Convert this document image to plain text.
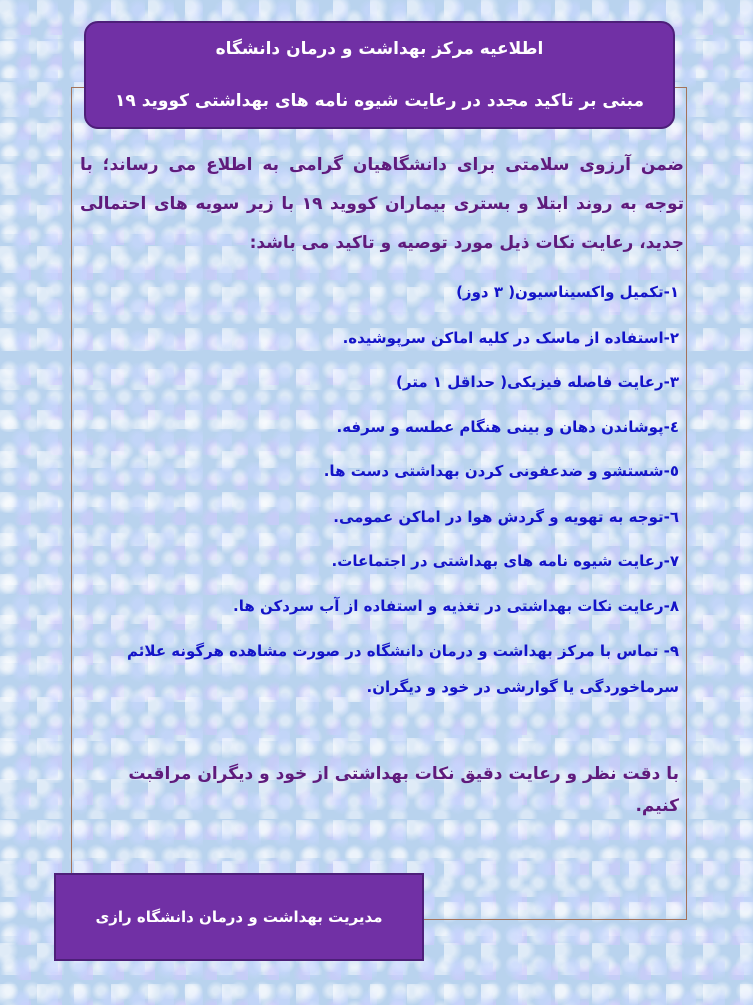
اطلاعیه مرکز بهداشت و درمان دانشگاه
مبنی بر تاکید مجدد در رعایت شیوه نامه های بهداشتی کووید ۱۹
ضمن آرزوی سلامتی برای دانشگاهیان گرامی به اطلاع می رساند؛ با توجه به روند ابتلا و بستری بیماران کووید ۱۹ با زیر سویه های احتمالی جدید، رعایت نکات ذیل مورد توصیه و تاکید می باشد:
۱-تکمیل واکسیناسیون( ۳ دوز)
۲-استفاده از ماسک در کلیه اماکن سرپوشیده.
۳-رعایت فاصله فیزیکی( حداقل ۱ متر)
٤-پوشاندن دهان و بینی هنگام عطسه و سرفه.
٥-شستشو و ضدعفونی کردن بهداشتی دست ها.
٦-توجه به تهویه و گردش هوا در اماکن عمومی.
۷-رعایت شیوه نامه های بهداشتی در اجتماعات.
۸-رعایت نکات بهداشتی در تغذیه و استفاده از آب سردکن ها.
۹- تماس با مرکز بهداشت و درمان دانشگاه در صورت مشاهده هرگونه علائم سرماخوردگی یا گوارشی در خود و دیگران.
با دقت نظر و رعایت دقیق نکات بهداشتی از خود و دیگران مراقبت کنیم.
مدیریت بهداشت و درمان دانشگاه رازی
